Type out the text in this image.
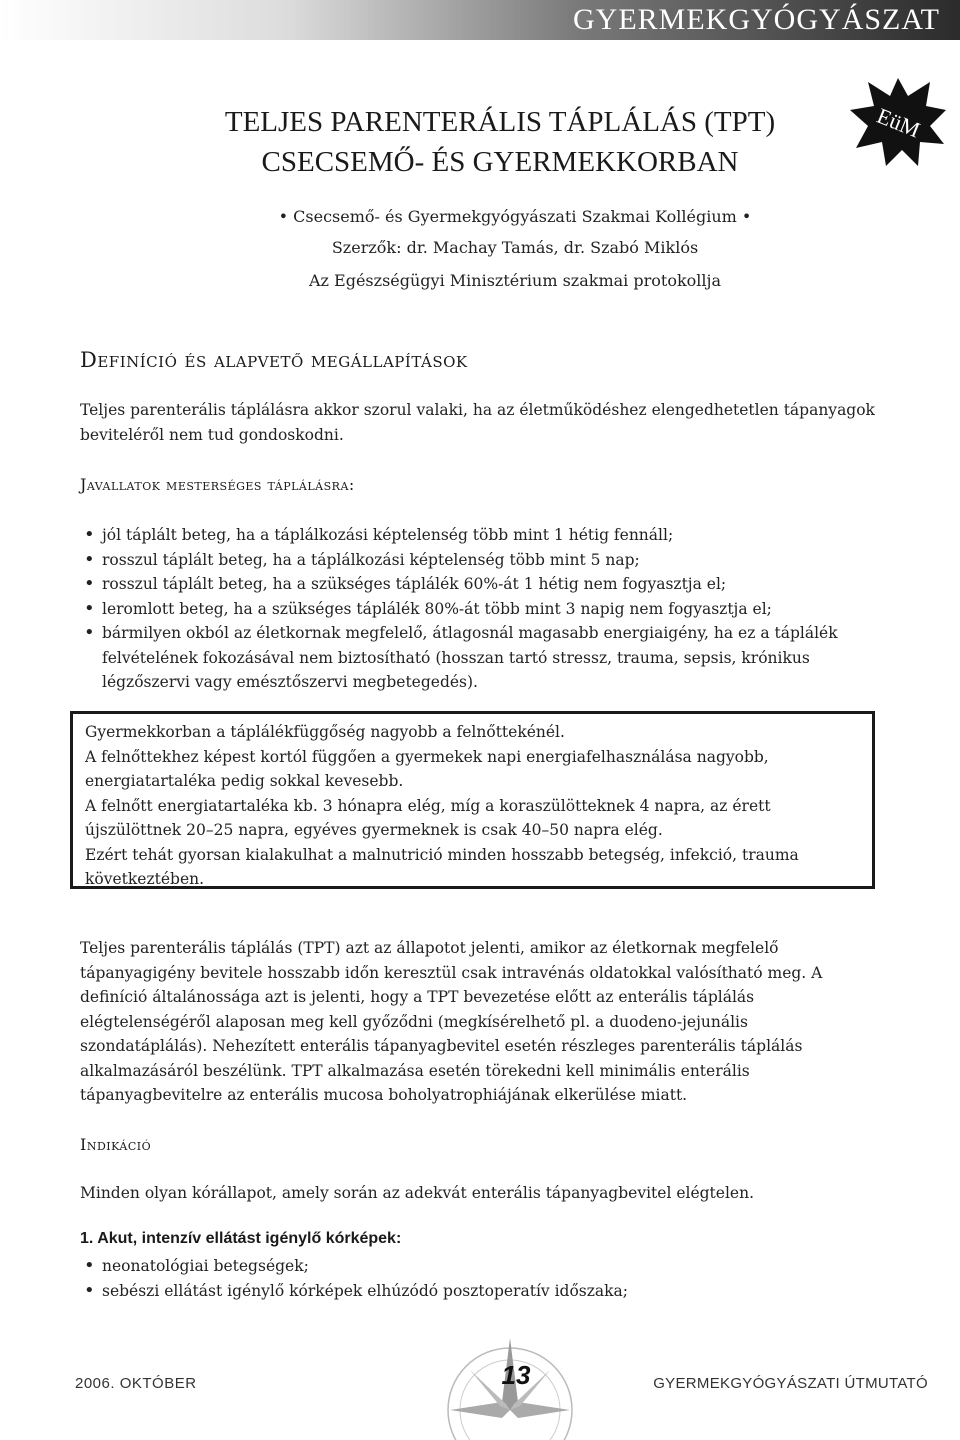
GYERMEKGYÓGYÁSZAT
EüM
TELJES PARENTERÁLIS TÁPLÁLÁS (TPT)
CSECSEMŐ- ÉS GYERMEKKORBAN
• Csecsemő- és Gyermekgyógyászati Szakmai Kollégium •
Szerzők: dr. Machay Tamás, dr. Szabó Miklós
Az Egészségügyi Minisztérium szakmai protokollja
Definíció és alapvető megállapítások
Teljes parenterális táplálásra akkor szorul valaki, ha az életműködéshez elengedhetetlen tápanyagok beviteléről nem tud gondoskodni.
Javallatok mesterséges táplálásra:
• jól táplált beteg, ha a táplálkozási képtelenség több mint 1 hétig fennáll;
• rosszul táplált beteg, ha a táplálkozási képtelenség több mint 5 nap;
• rosszul táplált beteg, ha a szükséges táplálék 60%-át 1 hétig nem fogyasztja el;
• leromlott beteg, ha a szükséges táplálék 80%-át több mint 3 napig nem fogyasztja el;
• bármilyen okból az életkornak megfelelő, átlagosnál magasabb energiaigény, ha ez a táplálék felvételének fokozásával nem biztosítható (hosszan tartó stressz, trauma, sepsis, krónikus légzőszervi vagy emésztőszervi megbetegedés).

Gyermekkorban a táplálékfüggőség nagyobb a felnőttekénél.

A felnőttekhez képest kortól függően a gyermekek napi energiafelhasználása nagyobb, energiatartaléka pedig sokkal kevesebb.

A felnőtt energiatartaléka kb. 3 hónapra elég, míg a koraszülötteknek 4 napra, az érett újszülöttnek 20–25 napra, egyéves gyermeknek is csak 40–50 napra elég.

Ezért tehát gyorsan kialakulhat a malnutrició minden hosszabb betegség, infekció, trauma következtében.

Teljes parenterális táplálás (TPT) azt az állapotot jelenti, amikor az életkornak megfelelő tápanyagigény bevitele hosszabb időn keresztül csak intravénás oldatokkal valósítható meg. A definíció általánossága azt is jelenti, hogy a TPT bevezetése előtt az enterális táplálás elégtelenségéről alaposan meg kell győződni (megkísérelhető pl. a duodeno-jejunális szondatáplálás). Nehezített enterális tápanyagbevitel esetén részleges parenterális táplálás alkalmazásáról beszélünk. TPT alkalmazása esetén törekedni kell minimális enterális tápanyagbevitelre az enterális mucosa boholyatrophiájának elkerülése miatt.
Indikáció
Minden olyan kórállapot, amely során az adekvát enterális tápanyagbevitel elégtelen.
1. Akut, intenzív ellátást igénylő kórképek:
• neonatológiai betegségek;
• sebészi ellátást igénylő kórképek elhúzódó posztoperatív időszaka;
2006. OKTÓBER	13	GYERMEKGYÓGYÁSZATI ÚTMUTATÓ
